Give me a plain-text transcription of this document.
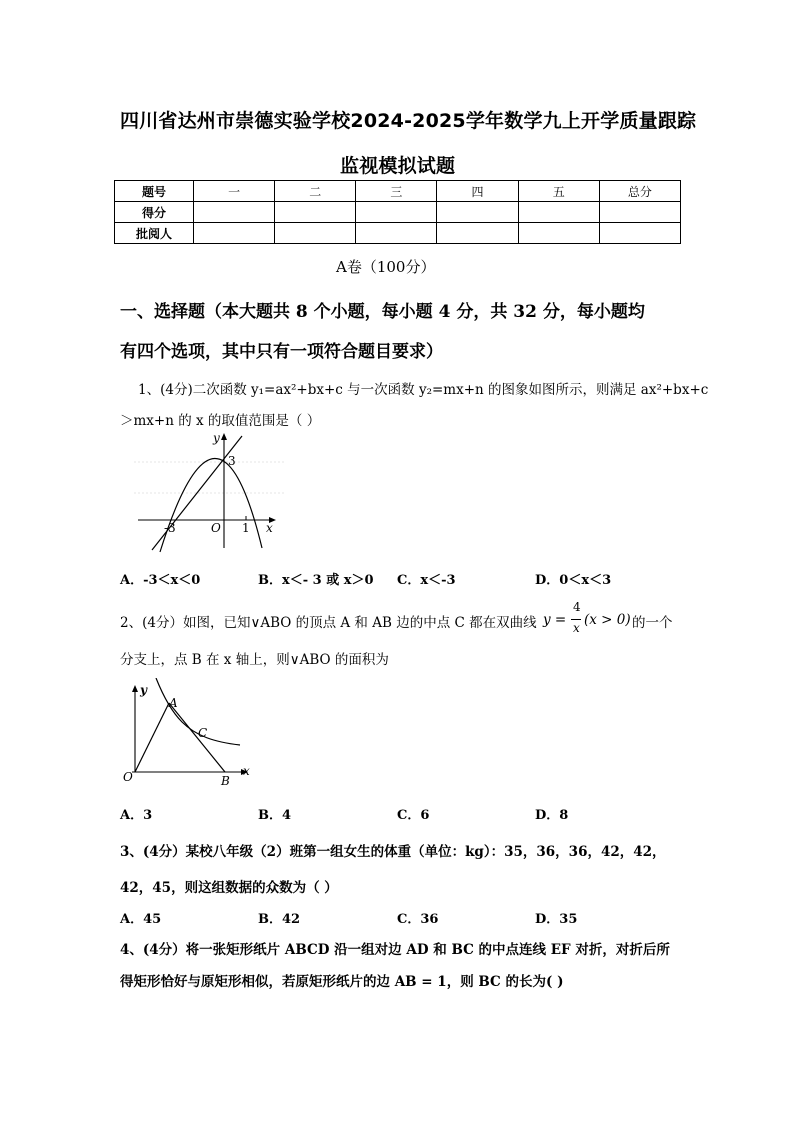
四川省达州市崇德实验学校2024-2025学年数学九上开学质量跟踪
监视模拟试题
题号	一	二	三	四	五	总分
得分						
批阅人						
A卷（100分）
一、选择题（本大题共 8 个小题，每小题 4 分，共 32 分，每小题均
有四个选项，其中只有一项符合题目要求）
1、(4分)二次函数 y₁=ax²+bx+c 与一次函数 y₂=mx+n 的图象如图所示，则满足 ax²+bx+c
＞mx+n 的 x 的取值范围是（ ）
y
3
-3	O 1 x
A．-3＜x＜0	B．x＜- 3 或 x＞0 C．x＜-3	D．0＜x＜3
2、(4分）如图，已知∨ABO 的顶点 A 和 AB 边的中点 C 都在双曲线 y =
4
x (x > 0) 的一个
分支上，点 B 在 x 轴上，则∨ABO 的面积为
y
A
C
O	B
x
A．3	B．4	C．6	D．8
3、(4分）某校八年级（2）班第一组女生的体重（单位：kg）：35，36，36，42，42，
42，45，则这组数据的众数为（ ）
A．45	B．42	C．36	D．35
4、(4分）将一张矩形纸片 ABCD 沿一组对边 AD 和 BC 的中点连线 EF 对折，对折后所
得矩形恰好与原矩形相似，若原矩形纸片的边 AB = 1，则 BC 的长为( )
